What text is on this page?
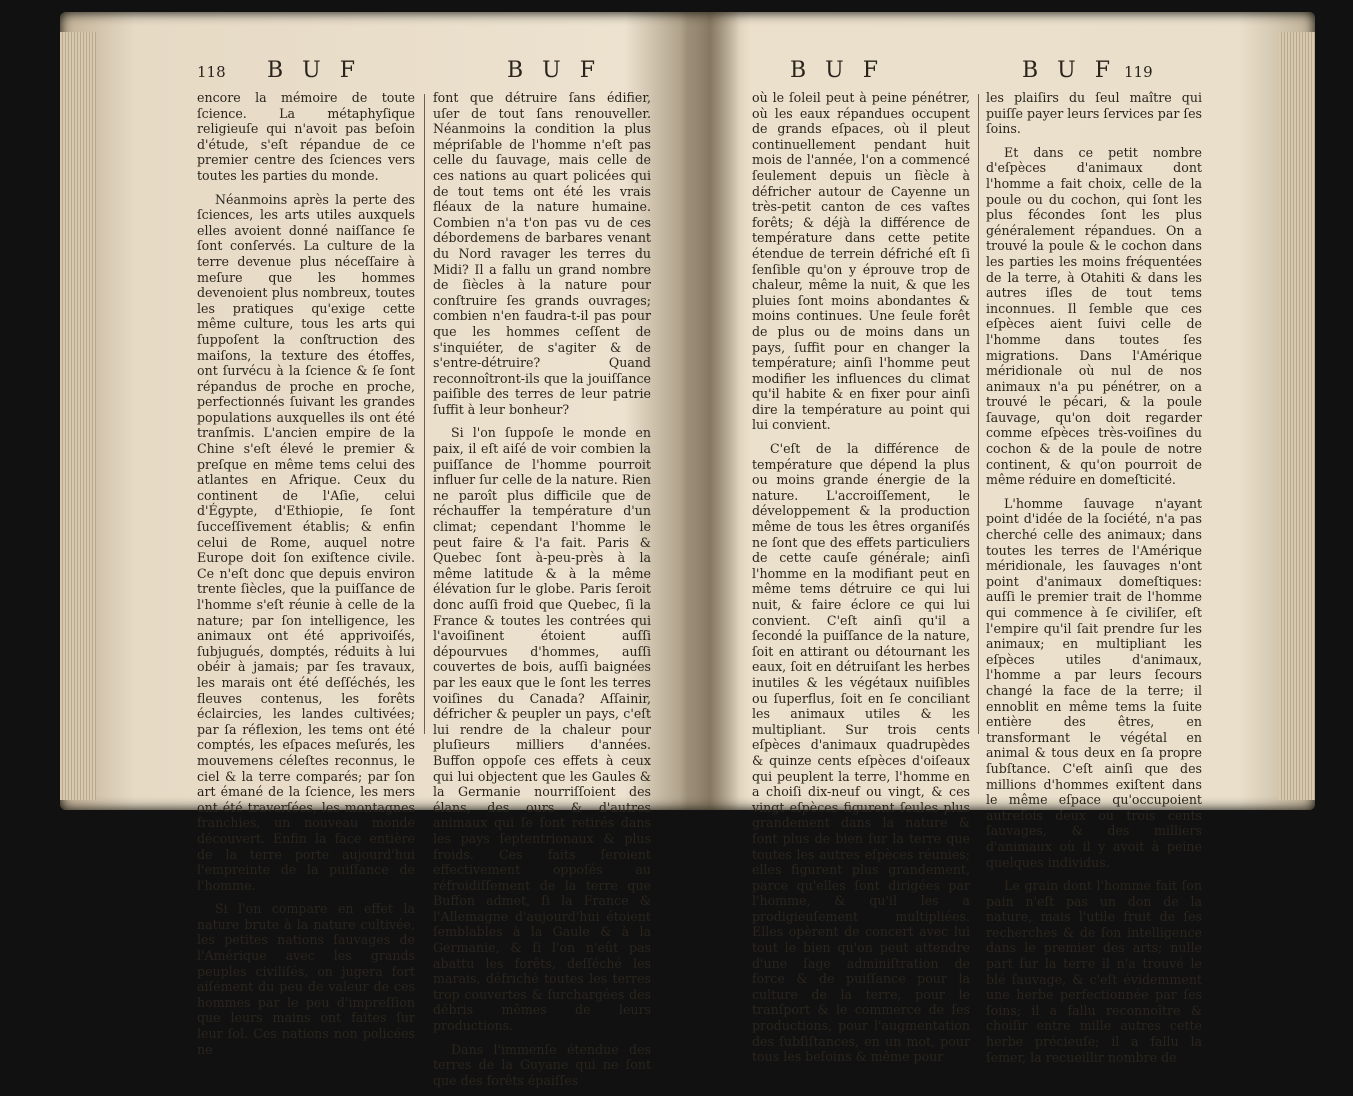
118 B U F	B U F

encore la mémoire de toute ſcience. La métaphyſique religieuſe qui n'avoit pas beſoin d'étude, s'eſt répandue de ce premier centre des ſciences vers toutes les parties du monde.

Néanmoins après la perte des ſciences, les arts utiles auxquels elles avoient donné naiſſance ſe ſont conſervés. La culture de la terre devenue plus néceſſaire à meſure que les hommes devenoient plus nombreux, toutes les pratiques qu'exige cette même culture, tous les arts qui ſuppoſent la conſtruction des maiſons, la texture des étoffes, ont ſurvécu à la ſcience & ſe ſont répandus de proche en proche, perfectionnés ſuivant les grandes populations auxquelles ils ont été tranſmis. L'ancien empire de la Chine s'eſt élevé le premier & preſque en même tems celui des atlantes en Afrique. Ceux du continent de l'Aſie, celui d'Égypte, d'Ethiopie, ſe ſont ſucceſſivement établis; & enfin celui de Rome, auquel notre Europe doit ſon exiſtence civile. Ce n'eſt donc que depuis environ trente ſiècles, que la puiſſance de l'homme s'eſt réunie à celle de la nature; par ſon intelligence, les animaux ont été apprivoiſés, ſubjugués, domptés, réduits à lui obéir à jamais; par ſes travaux, les marais ont été deſſéchés, les fleuves contenus, les forêts éclaircies, les landes cultivées; par ſa réflexion, les tems ont été comptés, les eſpaces meſurés, les mouvemens céleſtes reconnus, le ciel & la terre comparés; par ſon art émané de la ſcience, les mers ont été traverſées, les montagnes franchies, un nouveau monde découvert. Enfin la face entière de la terre porte aujourd'hui l'empreinte de la puiſſance de l'homme.

Si l'on compare en effet la nature brute à la nature cultivée, les petites nations ſauvages de l'Amérique avec les grands peuples civiliſés, on jugera fort aiſément du peu de valeur de ces hommes par le peu d'impreſſion que leurs mains ont faites ſur leur ſol. Ces nations non policées ne

font que détruire ſans édifier, uſer de tout ſans renouveller. Néanmoins la condition la plus mépriſable de l'homme n'eſt pas celle du ſauvage, mais celle de ces nations au quart policées qui de tout tems ont été les vrais fléaux de la nature humaine. Combien n'a t'on pas vu de ces débordemens de barbares venant du Nord ravager les terres du Midi? Il a fallu un grand nombre de ſiècles à la nature pour conſtruire ſes grands ouvrages; combien n'en faudra-t-il pas pour que les hommes ceſſent de s'inquiéter, de s'agiter & de s'entre-détruire? Quand reconnoîtront-ils que la jouiſſance paiſible des terres de leur patrie ſuffit à leur bonheur?

Si l'on ſuppoſe le monde en paix, il eſt aiſé de voir combien la puiſſance de l'homme pourroit influer ſur celle de la nature. Rien ne paroît plus difficile que de réchauffer la température d'un climat; cependant l'homme le peut faire & l'a fait. Paris & Quebec ſont à-peu-près à la même latitude & à la même élévation ſur le globe. Paris ſeroit donc auſſi froid que Quebec, ſi la France & toutes les contrées qui l'avoiſinent étoient auſſi dépourvues d'hommes, auſſi couvertes de bois, auſſi baignées par les eaux que le ſont les terres voiſines du Canada? Aſſainir, défricher & peupler un pays, c'eſt lui rendre de la chaleur pour pluſieurs milliers d'années. Buffon oppoſe ces effets à ceux qui lui objectent que les Gaules & la Germanie nourriſſoient des élans, des ours & d'autres animaux qui ſe ſont retirés dans les pays ſeptentrionaux & plus froids. Ces faits ſeroient effectivement oppoſés au réfroidiſſement de la terre que Buffon admet, ſi la France & l'Allemagne d'aujourd'hui étoient ſemblables à la Gaule & à la Germanie, & ſi l'on n'eût pas abattu les forêts, deſſéché les marais, défriché toutes les terres trop couvertes & ſurchargées des débris mêmes de leurs productions.

Dans l'immenſe étendue des terres de la Guyane qui ne ſont que des forêts épaiſſes

B U F	B U F 119

où le ſoleil peut à peine pénétrer, où les eaux répandues occupent de grands eſpaces, où il pleut continuellement pendant huit mois de l'année, l'on a commencé ſeulement depuis un ſiècle à défricher autour de Cayenne un très-petit canton de ces vaſtes forêts; & déjà la différence de température dans cette petite étendue de terrein défriché eſt ſi ſenſible qu'on y éprouve trop de chaleur, même la nuit, & que les pluies ſont moins abondantes & moins continues. Une ſeule forêt de plus ou de moins dans un pays, ſuffit pour en changer la température; ainſi l'homme peut modifier les influences du climat qu'il habite & en fixer pour ainſi dire la température au point qui lui convient.

C'eſt de la différence de température que dépend la plus ou moins grande énergie de la nature. L'accroiſſement, le développement & la production même de tous les êtres organiſés ne ſont que des effets particuliers de cette cauſe générale; ainſi l'homme en la modifiant peut en même tems détruire ce qui lui nuit, & faire éclore ce qui lui convient. C'eſt ainſi qu'il a ſecondé la puiſſance de la nature, ſoit en attirant ou détournant les eaux, ſoit en détruiſant les herbes inutiles & les végétaux nuiſibles ou ſuperflus, ſoit en ſe conciliant les animaux utiles & les multipliant. Sur trois cents eſpèces d'animaux quadrupèdes & quinze cents eſpèces d'oiſeaux qui peuplent la terre, l'homme en a choiſi dix-neuf ou vingt, & ces vingt eſpèces figurent ſeules plus grandement dans la nature & ſont plus de bien ſur la terre que toutes les autres eſpèces réunies; elles figurent plus grandement, parce qu'elles ſont dirigées par l'homme, & qu'il les a prodigieuſement multipliées. Elles opèrent de concert avec lui tout le bien qu'on peut attendre d'une ſage adminiſtration de force & de puiſſance pour la culture de la terre, pour le tranſport & le commerce de ſes productions, pour l'augmentation des ſubſiſtances, en un mot, pour tous les beſoins & même pour

les plaiſirs du ſeul maître qui puiſſe payer leurs ſervices par ſes ſoins.

Et dans ce petit nombre d'eſpèces d'animaux dont l'homme a fait choix, celle de la poule ou du cochon, qui ſont les plus fécondes ſont les plus généralement répandues. On a trouvé la poule & le cochon dans les parties les moins fréquentées de la terre, à Otahiti & dans les autres iſles de tout tems inconnues. Il ſemble que ces eſpèces aient ſuivi celle de l'homme dans toutes ſes migrations. Dans l'Amérique méridionale où nul de nos animaux n'a pu pénétrer, on a trouvé le pécari, & la poule ſauvage, qu'on doit regarder comme eſpèces très-voiſines du cochon & de la poule de notre continent, & qu'on pourroit de même réduire en domeſticité.

L'homme ſauvage n'ayant point d'idée de la ſociété, n'a pas cherché celle des animaux; dans toutes les terres de l'Amérique méridionale, les ſauvages n'ont point d'animaux domeſtiques: auſſi le premier trait de l'homme qui commence à ſe civiliſer, eſt l'empire qu'il ſait prendre ſur les animaux; en multipliant les eſpèces utiles d'animaux, l'homme a par leurs ſecours changé la face de la terre; il ennoblit en même tems la ſuite entière des êtres, en transformant le végétal en animal & tous deux en ſa propre ſubſtance. C'eſt ainſi que des millions d'hommes exiſtent dans le même eſpace qu'occupoient autrefois deux ou trois cents ſauvages, & des milliers d'animaux où il y avoit à peine quelques individus.

Le grain dont l'homme fait ſon pain n'eſt pas un don de la nature, mais l'utile fruit de ſes recherches & de ſon intelligence dans le premier des arts; nulle part ſur la terre il n'a trouvé le blé ſauvage, & c'eſt évidemment une herbe perfectionnée par ſes ſoins; il a fallu reconnoître & choiſir entre mille autres cette herbe précieuſe; il a fallu la ſemer, la recueillir nombre de
